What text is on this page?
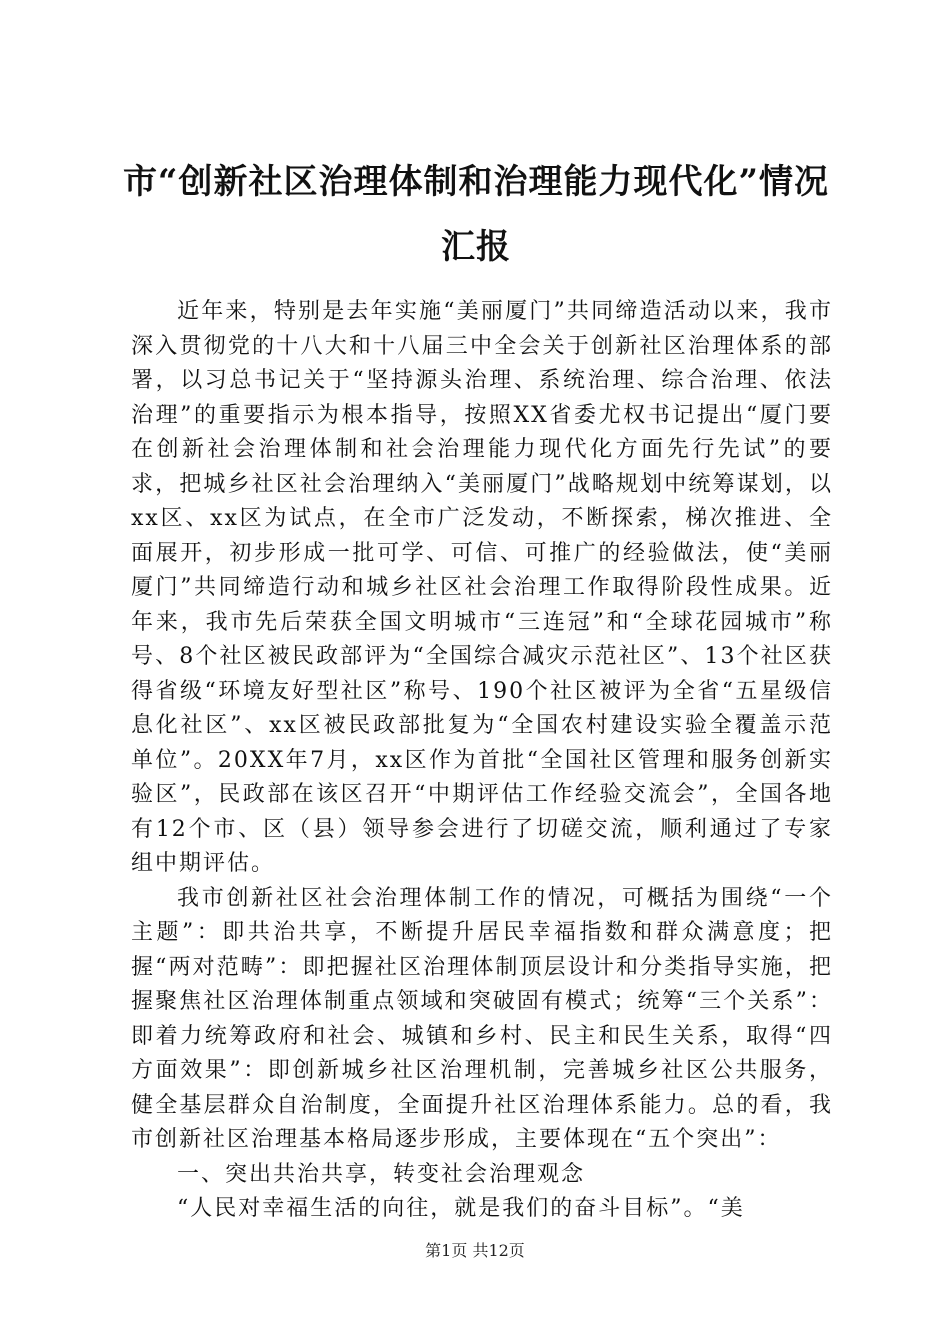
市“创新社区治理体制和治理能力现代化”情况汇报

近年来，特别是去年实施“美丽厦门”共同缔造活动以来，我市深入贯彻党的十八大和十八届三中全会关于创新社区治理体系的部署，以习总书记关于“坚持源头治理、系统治理、综合治理、依法治理”的重要指示为根本指导，按照XX省委尤权书记提出“厦门要在创新社会治理体制和社会治理能力现代化方面先行先试”的要求，把城乡社区社会治理纳入“美丽厦门”战略规划中统筹谋划，以xx区、xx区为试点，在全市广泛发动，不断探索，梯次推进、全面展开，初步形成一批可学、可信、可推广的经验做法，使“美丽厦门”共同缔造行动和城乡社区社会治理工作取得阶段性成果。近年来，我市先后荣获全国文明城市“三连冠”和“全球花园城市”称号、8个社区被民政部评为“全国综合减灾示范社区”、13个社区获得省级“环境友好型社区”称号、190个社区被评为全省“五星级信息化社区”、xx区被民政部批复为“全国农村建设实验全覆盖示范单位”。20XX年7月，xx区作为首批“全国社区管理和服务创新实验区”，民政部在该区召开“中期评估工作经验交流会”，全国各地有12个市、区（县）领导参会进行了切磋交流，顺利通过了专家组中期评估。

我市创新社区社会治理体制工作的情况，可概括为围绕“一个主题”：即共治共享，不断提升居民幸福指数和群众满意度；把握“两对范畴”：即把握社区治理体制顶层设计和分类指导实施，把握聚焦社区治理体制重点领域和突破固有模式；统筹“三个关系”：即着力统筹政府和社会、城镇和乡村、民主和民生关系，取得“四方面效果”：即创新城乡社区治理机制，完善城乡社区公共服务，健全基层群众自治制度，全面提升社区治理体系能力。总的看，我市创新社区治理基本格局逐步形成，主要体现在“五个突出”：

一、突出共治共享，转变社会治理观念

“人民对幸福生活的向往，就是我们的奋斗目标”。“美

第1页 共12页
